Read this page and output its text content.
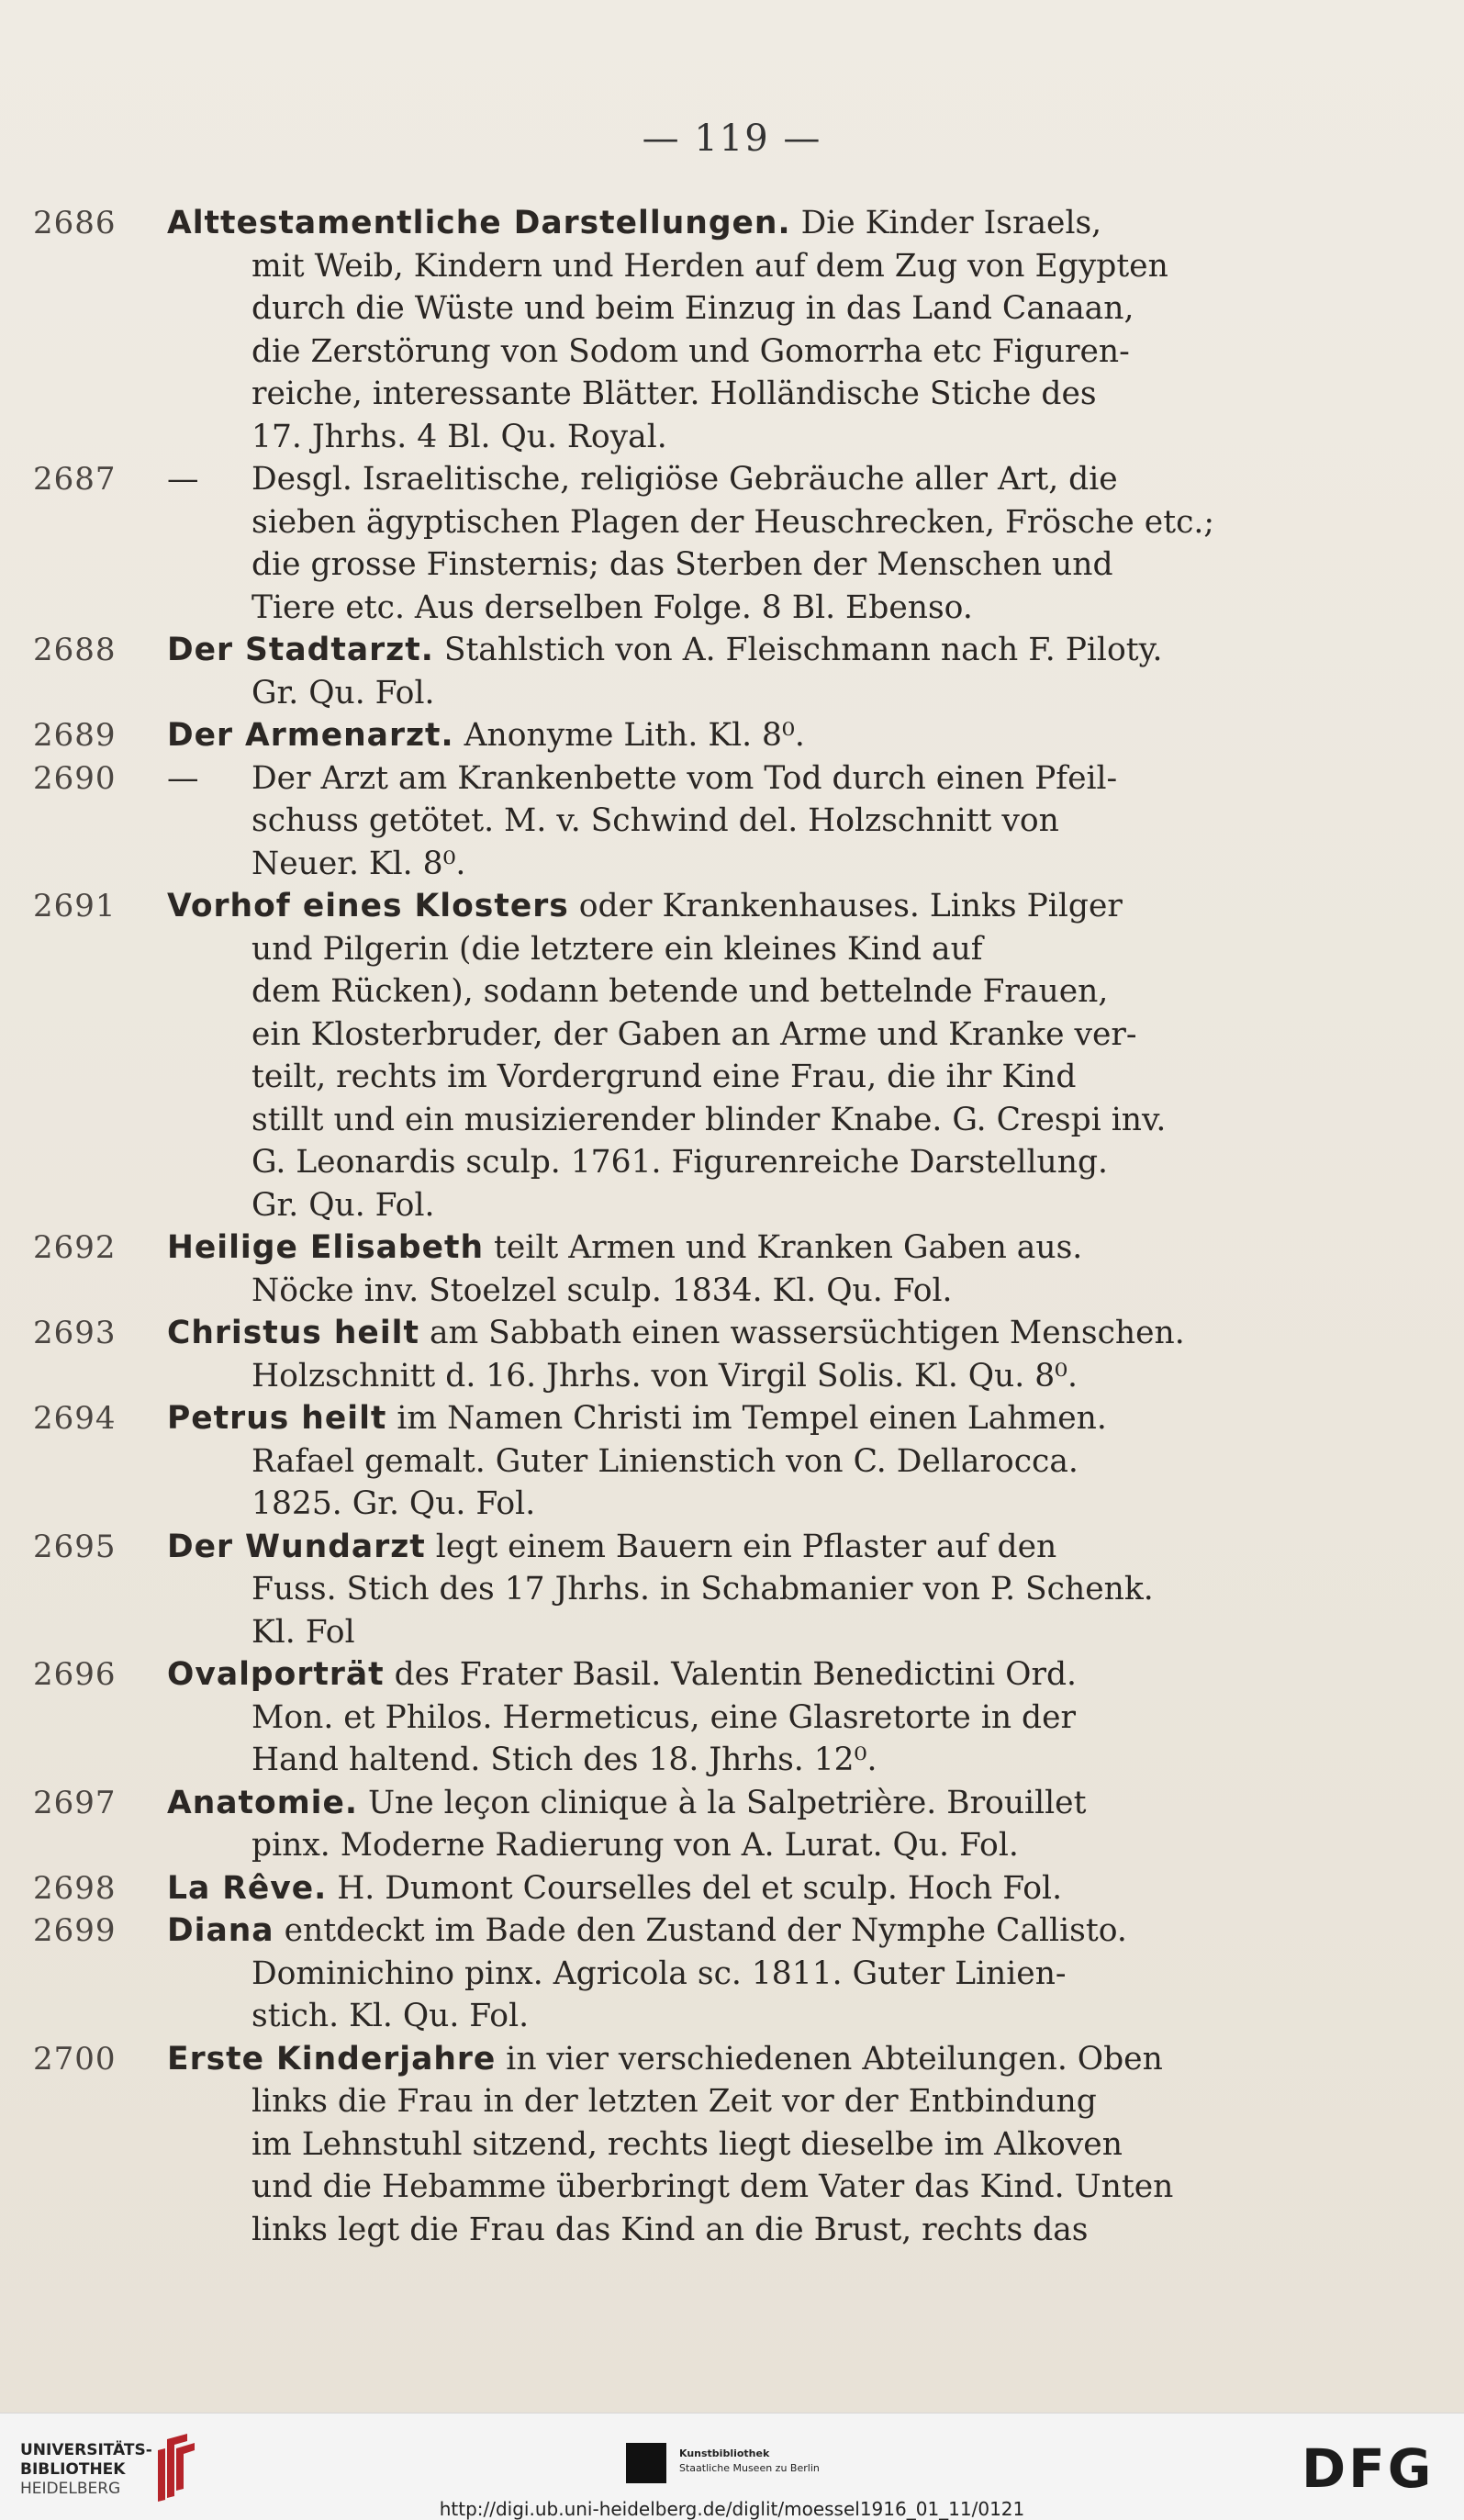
— 119 —
2686	Alttestamentliche Darstellungen. Die Kinder Israels,
mit Weib, Kindern und Herden auf dem Zug von Egypten
durch die Wüste und beim Einzug in das Land Canaan,
die Zerstörung von Sodom und Gomorrha etc Figuren-
reiche, interessante Blätter. Holländische Stiche des
17. Jhrhs. 4 Bl. Qu. Royal.
2687	— Desgl. Israelitische, religiöse Gebräuche aller Art, die
sieben ägyptischen Plagen der Heuschrecken, Frösche etc.;
die grosse Finsternis; das Sterben der Menschen und
Tiere etc. Aus derselben Folge. 8 Bl. Ebenso.
2688	Der Stadtarzt. Stahlstich von A. Fleischmann nach F. Piloty.
Gr. Qu. Fol.
2689	Der Armenarzt. Anonyme Lith. Kl. 8⁰.
2690	— Der Arzt am Krankenbette vom Tod durch einen Pfeil-
schuss getötet. M. v. Schwind del. Holzschnitt von
Neuer. Kl. 8⁰.
2691	Vorhof eines Klosters oder Krankenhauses. Links Pilger
und Pilgerin (die letztere ein kleines Kind auf
dem Rücken), sodann betende und bettelnde Frauen,
ein Klosterbruder, der Gaben an Arme und Kranke ver-
teilt, rechts im Vordergrund eine Frau, die ihr Kind
stillt und ein musizierender blinder Knabe. G. Crespi inv.
G. Leonardis sculp. 1761. Figurenreiche Darstellung.
Gr. Qu. Fol.
2692	Heilige Elisabeth teilt Armen und Kranken Gaben aus.
Nöcke inv. Stoelzel sculp. 1834. Kl. Qu. Fol.
2693	Christus heilt am Sabbath einen wassersüchtigen Menschen.
Holzschnitt d. 16. Jhrhs. von Virgil Solis. Kl. Qu. 8⁰.
2694	Petrus heilt im Namen Christi im Tempel einen Lahmen.
Rafael gemalt. Guter Linienstich von C. Dellarocca.
1825. Gr. Qu. Fol.
2695	Der Wundarzt legt einem Bauern ein Pflaster auf den
Fuss. Stich des 17 Jhrhs. in Schabmanier von P. Schenk.
Kl. Fol
2696	Ovalporträt des Frater Basil. Valentin Benedictini Ord.
Mon. et Philos. Hermeticus, eine Glasretorte in der
Hand haltend. Stich des 18. Jhrhs. 12⁰.
2697	Anatomie. Une leçon clinique à la Salpetrière. Brouillet
pinx. Moderne Radierung von A. Lurat. Qu. Fol.
2698	La Rêve. H. Dumont Courselles del et sculp. Hoch Fol.
2699	Diana entdeckt im Bade den Zustand der Nymphe Callisto.
Dominichino pinx. Agricola sc. 1811. Guter Linien-
stich. Kl. Qu. Fol.
2700	Erste Kinderjahre in vier verschiedenen Abteilungen. Oben
links die Frau in der letzten Zeit vor der Entbindung
im Lehnstuhl sitzend, rechts liegt dieselbe im Alkoven
und die Hebamme überbringt dem Vater das Kind. Unten
links legt die Frau das Kind an die Brust, rechts das
UNIVERSITÄTS-
BIBLIOTHEK
HEIDELBERG
Kunstbibliothek
Staatliche Museen zu Berlin	DFG
http://digi.ub.uni-heidelberg.de/diglit/moessel1916_01_11/0121
